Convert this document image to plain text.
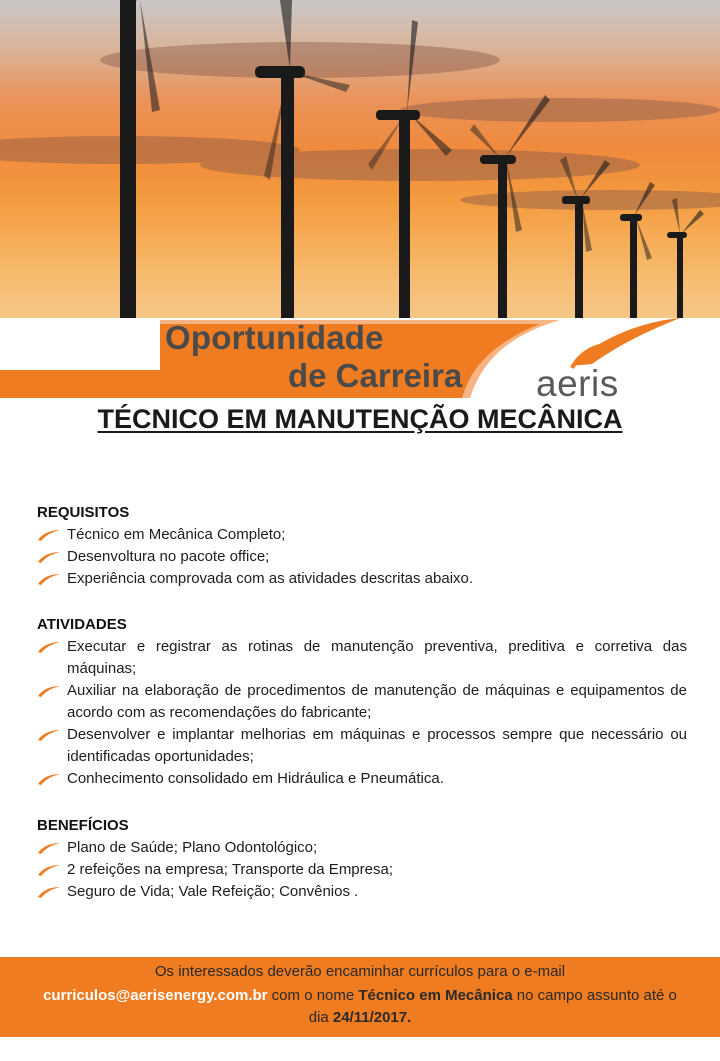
Oportunidade
de Carreira aeris
TÉCNICO EM MANUTENÇÃO MECÂNICA
REQUISITOS
Técnico em Mecânica Completo;
Desenvoltura no pacote office;
Experiência comprovada com as atividades descritas abaixo.
ATIVIDADES
Executar e registrar as rotinas de manutenção preventiva, preditiva e corretiva das máquinas;
Auxiliar na elaboração de procedimentos de manutenção de máquinas e equipamentos de acordo com as recomendações do fabricante;
Desenvolver e implantar melhorias em máquinas e processos sempre que necessário ou identificadas oportunidades;
Conhecimento consolidado em Hidráulica e Pneumática.
BENEFÍCIOS
Plano de Saúde; Plano Odontológico;
2 refeições na empresa; Transporte da Empresa;
Seguro de Vida; Vale Refeição; Convênios .
Os interessados deverão encaminhar currículos para o e-mail
curriculos@aerisenergy.com.br com o nome Técnico em Mecânica no campo assunto até o
dia 24/11/2017.
